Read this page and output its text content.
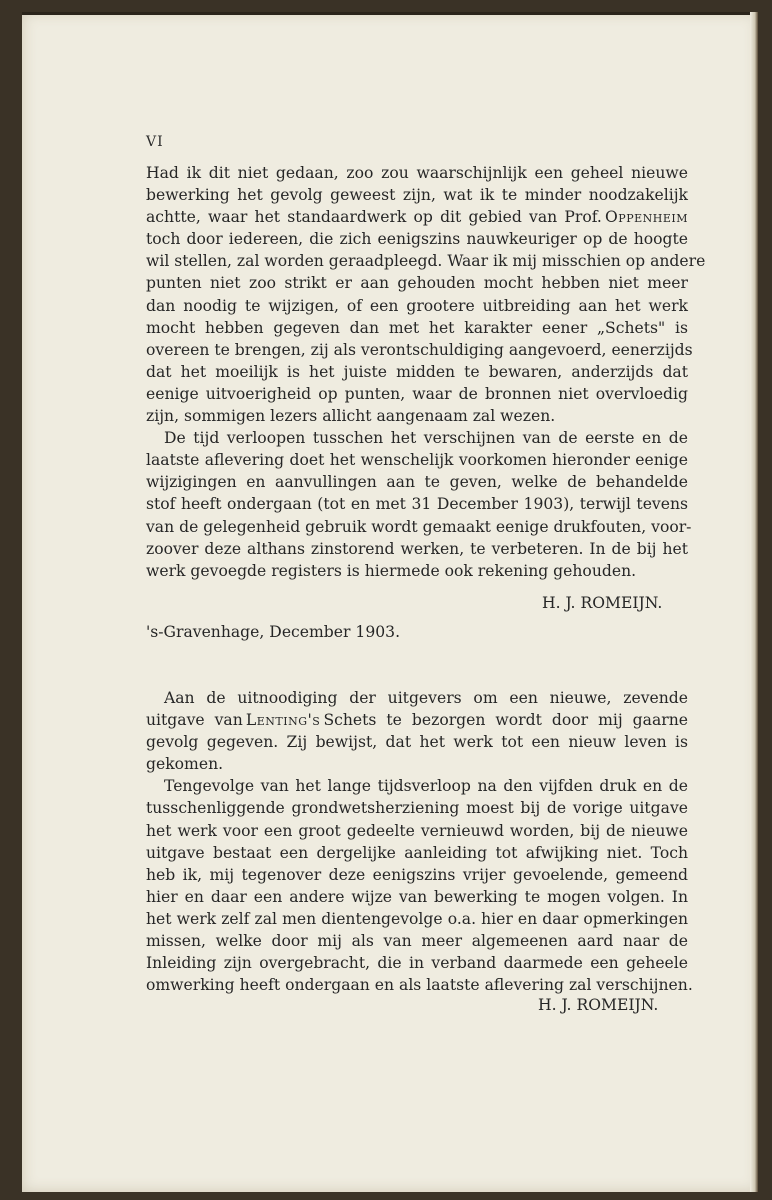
VI
Had ik dit niet gedaan, zoo zou waarschijnlijk een geheel nieuwe
bewerking het gevolg geweest zijn, wat ik te minder noodzakelijk
achtte, waar het standaardwerk op dit gebied van Prof.  Oppenheim
toch door iedereen, die zich eenigszins nauwkeuriger op de hoogte
wil stellen, zal worden geraadpleegd. Waar ik mij misschien op andere
punten niet zoo strikt er aan gehouden mocht hebben niet meer
dan noodig te wijzigen, of een grootere uitbreiding aan het werk
mocht hebben gegeven dan met het karakter eener „Schets" is
overeen te brengen, zij als verontschuldiging aangevoerd, eenerzijds
dat het moeilijk is het juiste midden te bewaren, anderzijds dat
eenige uitvoerigheid op punten, waar de bronnen niet overvloedig
zijn, sommigen lezers allicht aangenaam zal wezen.
De tijd verloopen tusschen het verschijnen van de eerste en de
laatste aflevering doet het wenschelijk voorkomen hieronder eenige
wijzigingen en aanvullingen aan te geven, welke de behandelde
stof heeft ondergaan (tot en met 31 December 1903), terwijl tevens
van de gelegenheid gebruik wordt gemaakt eenige drukfouten, voor-
zoover deze althans zinstorend werken, te verbeteren. In de bij het
werk gevoegde registers is hiermede ook rekening gehouden.
H. J. ROMEIJN.
's-Gravenhage, December 1903.
Aan de uitnoodiging der uitgevers om een nieuwe, zevende
uitgave van  Lenting's  Schets te bezorgen wordt door mij gaarne
gevolg gegeven. Zij bewijst, dat het werk tot een nieuw leven is
gekomen.
Tengevolge van het lange tijdsverloop na den vijfden druk en de
tusschenliggende grondwetsherziening moest bij de vorige uitgave
het werk voor een groot gedeelte vernieuwd worden, bij de nieuwe
uitgave bestaat een dergelijke aanleiding tot afwijking niet. Toch
heb ik, mij tegenover deze eenigszins vrijer gevoelende, gemeend
hier en daar een andere wijze van bewerking te mogen volgen. In
het werk zelf zal men dientengevolge o.a. hier en daar opmerkingen
missen, welke door mij als van meer algemeenen aard naar de
Inleiding zijn overgebracht, die in verband daarmede een geheele
omwerking heeft ondergaan en als laatste aflevering zal verschijnen.
H. J. ROMEIJN.
